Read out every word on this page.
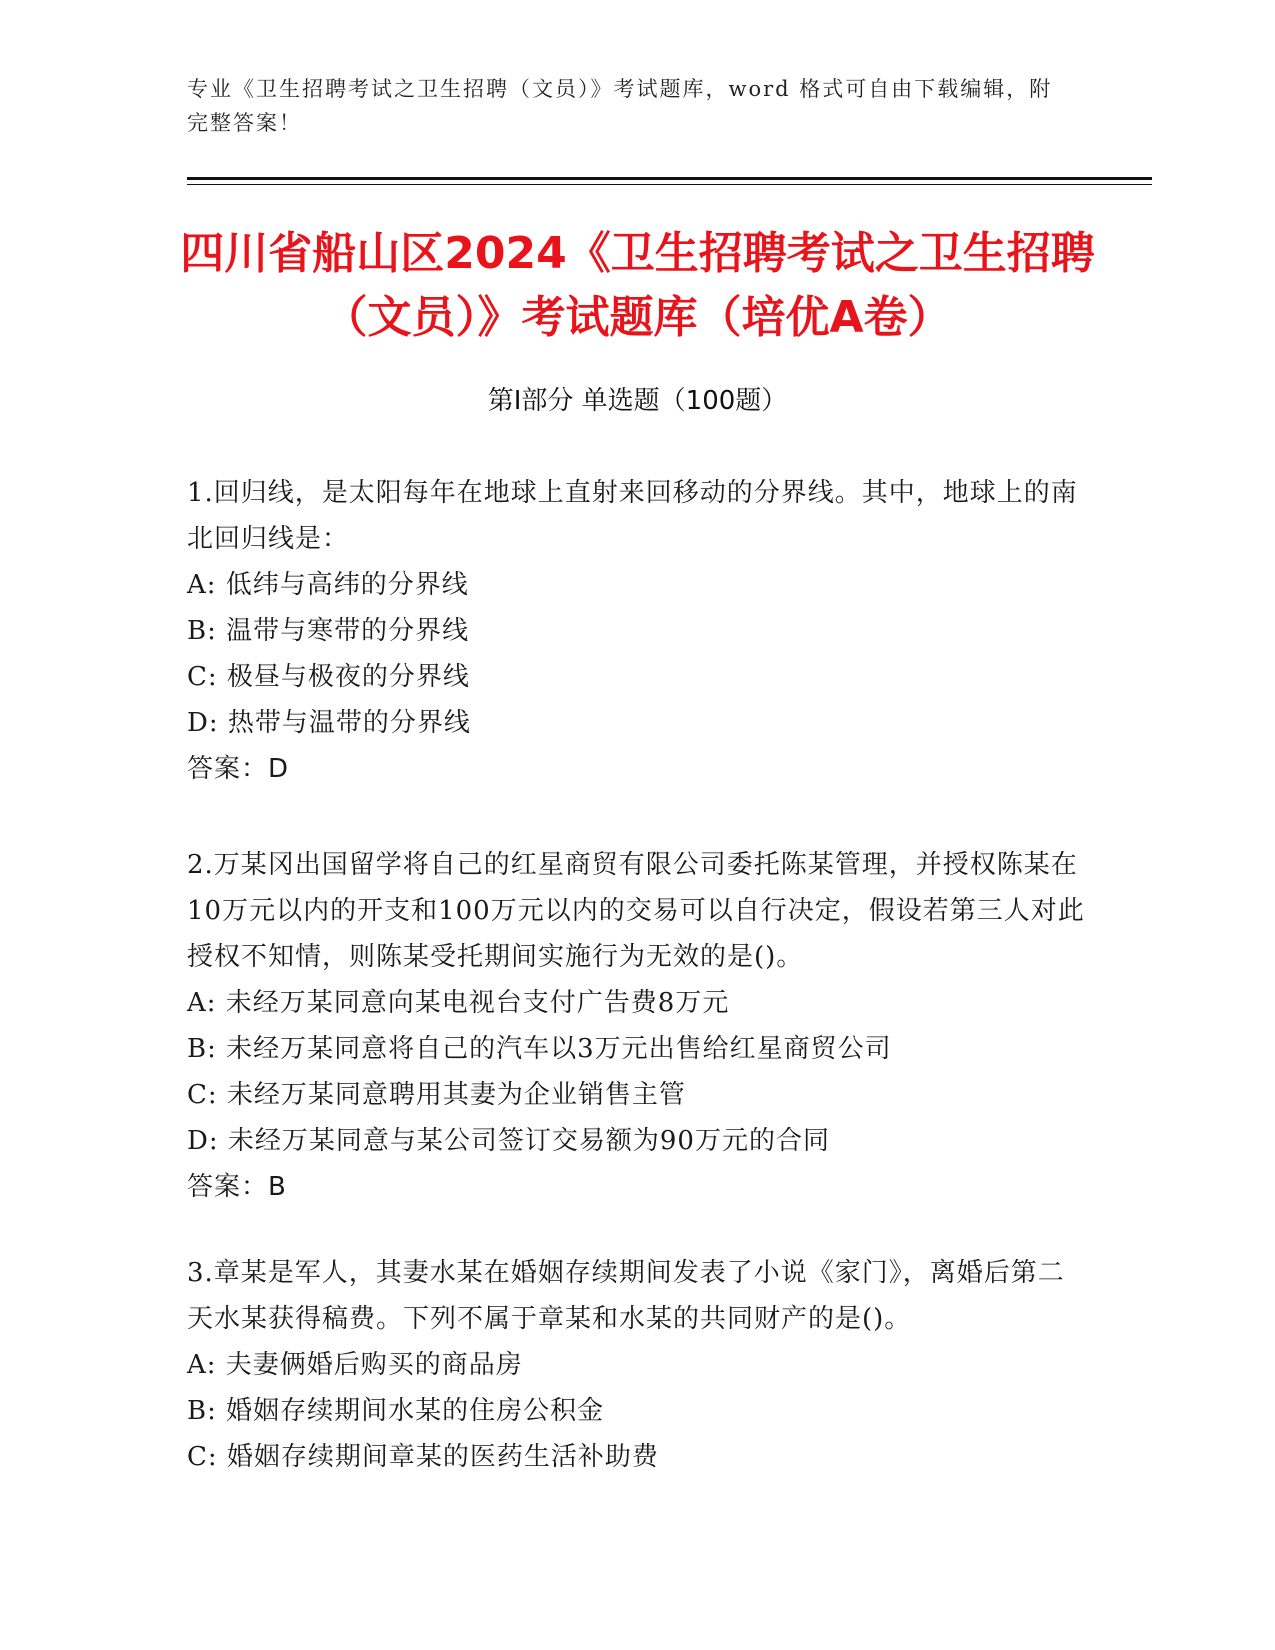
专业《卫生招聘考试之卫生招聘（文员）》考试题库，word 格式可自由下载编辑，附完整答案！
四川省船山区2024《卫生招聘考试之卫生招聘（文员）》考试题库（培优A卷）
第Ⅰ部分 单选题（100题）
1.回归线，是太阳每年在地球上直射来回移动的分界线。其中，地球上的南北回归线是：
A: 低纬与高纬的分界线
B: 温带与寒带的分界线
C: 极昼与极夜的分界线
D: 热带与温带的分界线
答案：D
2.万某冈出国留学将自己的红星商贸有限公司委托陈某管理，并授权陈某在10万元以内的开支和100万元以内的交易可以自行决定，假设若第三人对此授权不知情，则陈某受托期间实施行为无效的是()。
A: 未经万某同意向某电视台支付广告费8万元
B: 未经万某同意将自己的汽车以3万元出售给红星商贸公司
C: 未经万某同意聘用其妻为企业销售主管
D: 未经万某同意与某公司签订交易额为90万元的合同
答案：B
3.章某是军人，其妻水某在婚姻存续期间发表了小说《家门》，离婚后第二天水某获得稿费。下列不属于章某和水某的共同财产的是()。
A: 夫妻俩婚后购买的商品房
B: 婚姻存续期间水某的住房公积金
C: 婚姻存续期间章某的医药生活补助费
